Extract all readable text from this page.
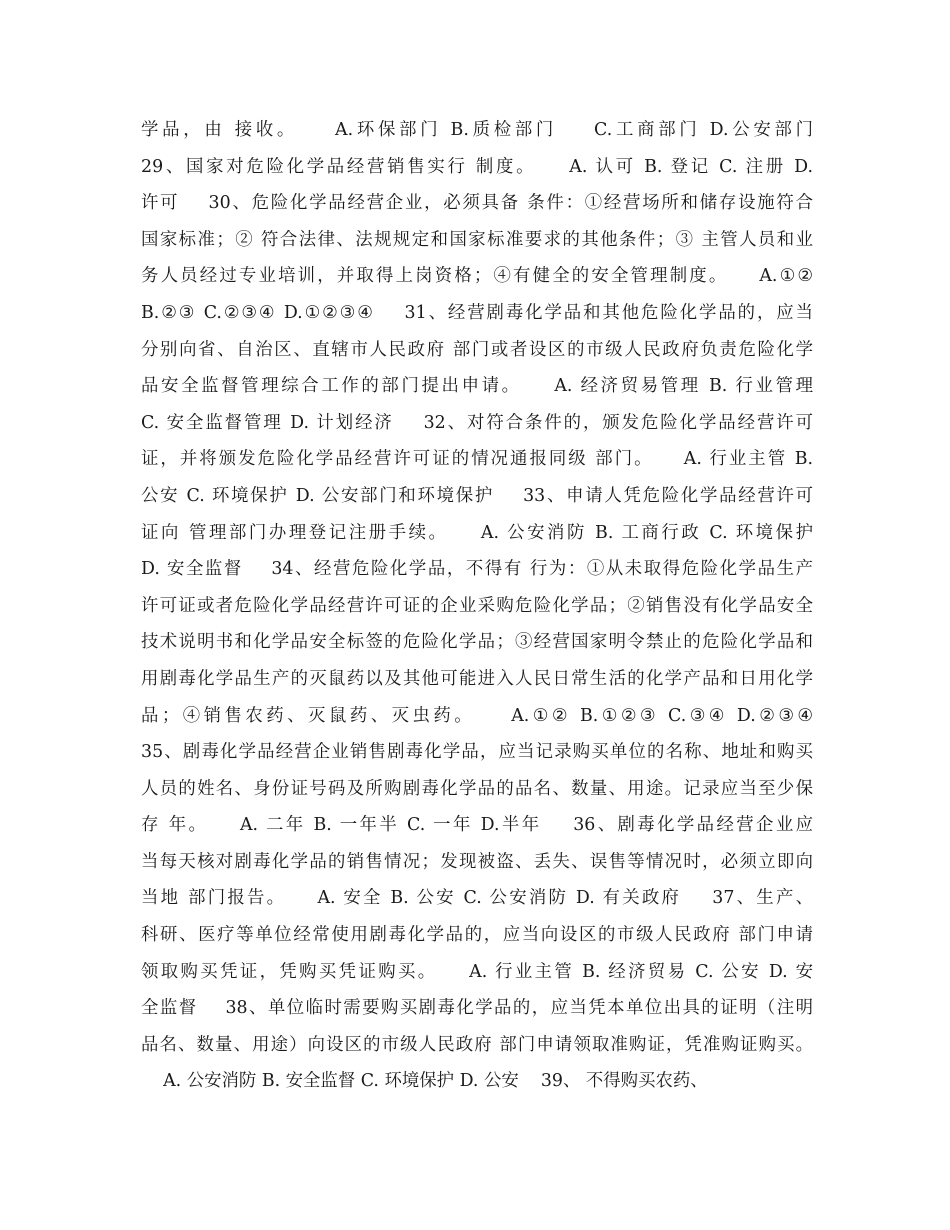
学品，由 接收。    A.环保部门 B.质检部门    C.工商部门 D.公安部门
29、国家对危险化学品经营销售实行 制度。    A. 认可 B. 登记 C. 注册 D.
许可    30、危险化学品经营企业，必须具备 条件：①经营场所和储存设施符合
国家标准；② 符合法律、法规规定和国家标准要求的其他条件；③ 主管人员和业
务人员经过专业培训，并取得上岗资格；④有健全的安全管理制度。    A.①②
B.②③ C.②③④ D.①②③④    31、经营剧毒化学品和其他危险化学品的，应当
分别向省、自治区、直辖市人民政府 部门或者设区的市级人民政府负责危险化学
品安全监督管理综合工作的部门提出申请。    A. 经济贸易管理 B. 行业管理
C. 安全监督管理 D. 计划经济    32、对符合条件的，颁发危险化学品经营许可
证，并将颁发危险化学品经营许可证的情况通报同级 部门。    A. 行业主管 B.
公安 C. 环境保护 D. 公安部门和环境保护    33、申请人凭危险化学品经营许可
证向 管理部门办理登记注册手续。    A. 公安消防 B. 工商行政 C. 环境保护
D. 安全监督    34、经营危险化学品，不得有 行为：①从未取得危险化学品生产
许可证或者危险化学品经营许可证的企业采购危险化学品；②销售没有化学品安全
技术说明书和化学品安全标签的危险化学品；③经营国家明令禁止的危险化学品和
用剧毒化学品生产的灭鼠药以及其他可能进入人民日常生活的化学产品和日用化学
品；④销售农药、灭鼠药、灭虫药。    A.①② B.①②③ C.③④ D.②③④
35、剧毒化学品经营企业销售剧毒化学品，应当记录购买单位的名称、地址和购买
人员的姓名、身份证号码及所购剧毒化学品的品名、数量、用途。记录应当至少保
存 年。    A. 二年 B. 一年半 C. 一年 D.半年    36、剧毒化学品经营企业应
当每天核对剧毒化学品的销售情况；发现被盗、丢失、误售等情况时，必须立即向
当地 部门报告。    A. 安全 B. 公安 C. 公安消防 D. 有关政府    37、生产、
科研、医疗等单位经常使用剧毒化学品的，应当向设区的市级人民政府 部门申请
领取购买凭证，凭购买凭证购买。    A. 行业主管 B. 经济贸易 C. 公安 D. 安
全监督    38、单位临时需要购买剧毒化学品的，应当凭本单位出具的证明（注明
品名、数量、用途）向设区的市级人民政府 部门申请领取准购证，凭准购证购买。
A. 公安消防 B. 安全监督 C. 环境保护 D. 公安    39、 不得购买农药、
